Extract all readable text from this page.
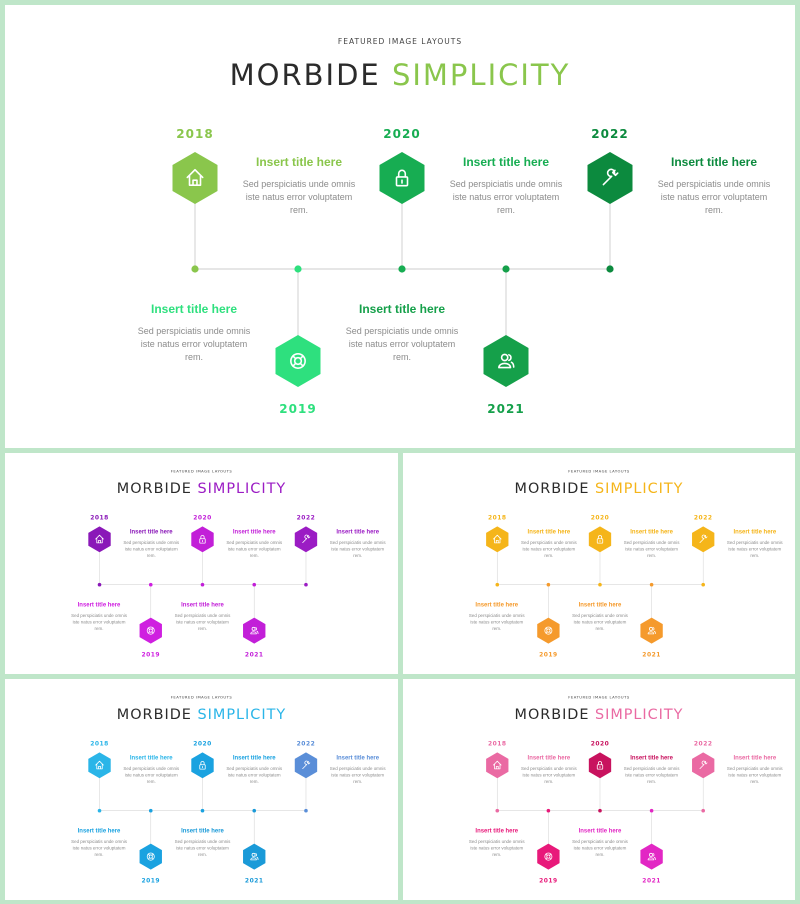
FEATURED IMAGE LAYOUTS
MORBIDE SIMPLICITY
2018
Insert title here
Sed perspiciatis unde omnis
iste natus error voluptatem
rem.
2019
Insert title here
Sed perspiciatis unde omnis
iste natus error voluptatem
rem.
2020
Insert title here
Sed perspiciatis unde omnis
iste natus error voluptatem
rem.
2021
Insert title here
Sed perspiciatis unde omnis
iste natus error voluptatem
rem.
2022
Insert title here
Sed perspiciatis unde omnis
iste natus error voluptatem
rem.
FEATURED IMAGE LAYOUTS
MORBIDE SIMPLICITY
2018
Insert title here
Sed perspiciatis unde omnis
iste natus error voluptatem
rem.
2019
Insert title here
Sed perspiciatis unde omnis
iste natus error voluptatem
rem.
2020
Insert title here
Sed perspiciatis unde omnis
iste natus error voluptatem
rem.
2021
Insert title here
Sed perspiciatis unde omnis
iste natus error voluptatem
rem.
2022
Insert title here
Sed perspiciatis unde omnis
iste natus error voluptatem
rem.
FEATURED IMAGE LAYOUTS
MORBIDE SIMPLICITY
2018
Insert title here
Sed perspiciatis unde omnis
iste natus error voluptatem
rem.
2019
Insert title here
Sed perspiciatis unde omnis
iste natus error voluptatem
rem.
2020
Insert title here
Sed perspiciatis unde omnis
iste natus error voluptatem
rem.
2021
Insert title here
Sed perspiciatis unde omnis
iste natus error voluptatem
rem.
2022
Insert title here
Sed perspiciatis unde omnis
iste natus error voluptatem
rem.
FEATURED IMAGE LAYOUTS
MORBIDE SIMPLICITY
2018
Insert title here
Sed perspiciatis unde omnis
iste natus error voluptatem
rem.
2019
Insert title here
Sed perspiciatis unde omnis
iste natus error voluptatem
rem.
2020
Insert title here
Sed perspiciatis unde omnis
iste natus error voluptatem
rem.
2021
Insert title here
Sed perspiciatis unde omnis
iste natus error voluptatem
rem.
2022
Insert title here
Sed perspiciatis unde omnis
iste natus error voluptatem
rem.
FEATURED IMAGE LAYOUTS
MORBIDE SIMPLICITY
2018
Insert title here
Sed perspiciatis unde omnis
iste natus error voluptatem
rem.
2019
Insert title here
Sed perspiciatis unde omnis
iste natus error voluptatem
rem.
2020
Insert title here
Sed perspiciatis unde omnis
iste natus error voluptatem
rem.
2021
Insert title here
Sed perspiciatis unde omnis
iste natus error voluptatem
rem.
2022
Insert title here
Sed perspiciatis unde omnis
iste natus error voluptatem
rem.
